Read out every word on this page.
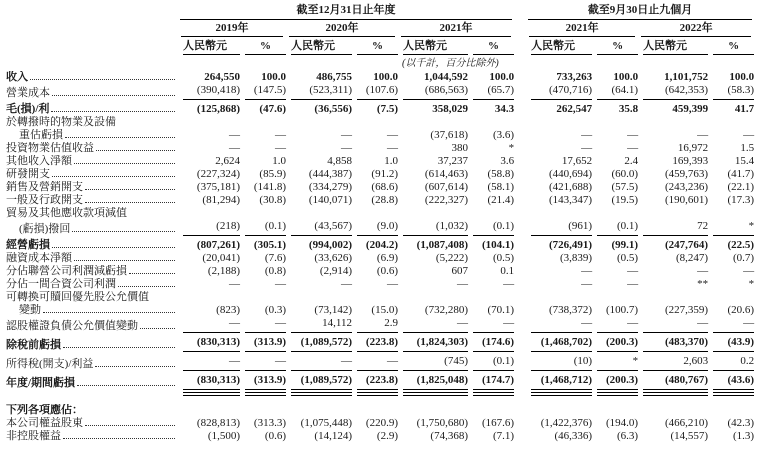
	截至12月31日止年度							截至9月30日止九個月			

	2019年		2020年		2021年			2021年		2022年	

	人民幣元	%	人民幣元	%	人民幣元	%		人民幣元	%	人民幣元	%

					(以千計，百分比除外)						

收入	264,550	100.0	486,755	100.0	1,044,592	100.0		733,263	100.0	1,101,752	100.0

營業成本	(390,418)	(147.5)	(523,311)	(107.6)	(686,563)	(65.7)		(470,716)	(64.1)	(642,353)	(58.3)

毛(損)/利	(125,868)	(47.6)	(36,556)	(7.5)	358,029	34.3		262,547	35.8	459,399	41.7

於轉撥時的物業及設備											

重估虧損	—	—	—	—	(37,618)	(3.6)		—	—	—	—

投資物業估值收益	—	—	—	—	380	*		—	—	16,972	1.5

其他收入淨額	2,624	1.0	4,858	1.0	37,237	3.6		17,652	2.4	169,393	15.4

研發開支	(227,324)	(85.9)	(444,387)	(91.2)	(614,463)	(58.8)		(440,694)	(60.0)	(459,763)	(41.7)

銷售及營銷開支	(375,181)	(141.8)	(334,279)	(68.6)	(607,614)	(58.1)		(421,688)	(57.5)	(243,236)	(22.1)

一般及行政開支	(81,294)	(30.8)	(140,071)	(28.8)	(222,327)	(21.4)		(143,347)	(19.5)	(190,601)	(17.3)

貿易及其他應收款項減值											

(虧損)撥回	(218)	(0.1)	(43,567)	(9.0)	(1,032)	(0.1)		(961)	(0.1)	72	*

經營虧損	(807,261)	(305.1)	(994,002)	(204.2)	(1,087,408)	(104.1)		(726,491)	(99.1)	(247,764)	(22.5)

融資成本淨額	(20,041)	(7.6)	(33,626)	(6.9)	(5,222)	(0.5)		(3,839)	(0.5)	(8,247)	(0.7)

分佔聯營公司利潤減虧損	(2,188)	(0.8)	(2,914)	(0.6)	607	0.1		—	—	—	—

分佔一間合資公司利潤	—	—	—	—	—	—		—	—	**	*

可轉換可贖回優先股公允價值											

變動	(823)	(0.3)	(73,142)	(15.0)	(732,280)	(70.1)		(738,372)	(100.7)	(227,359)	(20.6)

認股權證負債公允價值變動	—	—	14,112	2.9	—	—		—	—	—	—

除稅前虧損	(830,313)	(313.9)	(1,089,572)	(223.8)	(1,824,303)	(174.6)		(1,468,702)	(200.3)	(483,370)	(43.9)

所得稅(開支)/利益	—	—	—	—	(745)	(0.1)		(10)	*	2,603	0.2

年度/期間虧損	(830,313)	(313.9)	(1,089,572)	(223.8)	(1,825,048)	(174.7)		(1,468,712)	(200.3)	(480,767)	(43.6)

下列各項應佔：											

本公司權益股東	(828,813)	(313.3)	(1,075,448)	(220.9)	(1,750,680)	(167.6)		(1,422,376)	(194.0)	(466,210)	(42.3)

非控股權益	(1,500)	(0.6)	(14,124)	(2.9)	(74,368)	(7.1)		(46,336)	(6.3)	(14,557)	(1.3)
